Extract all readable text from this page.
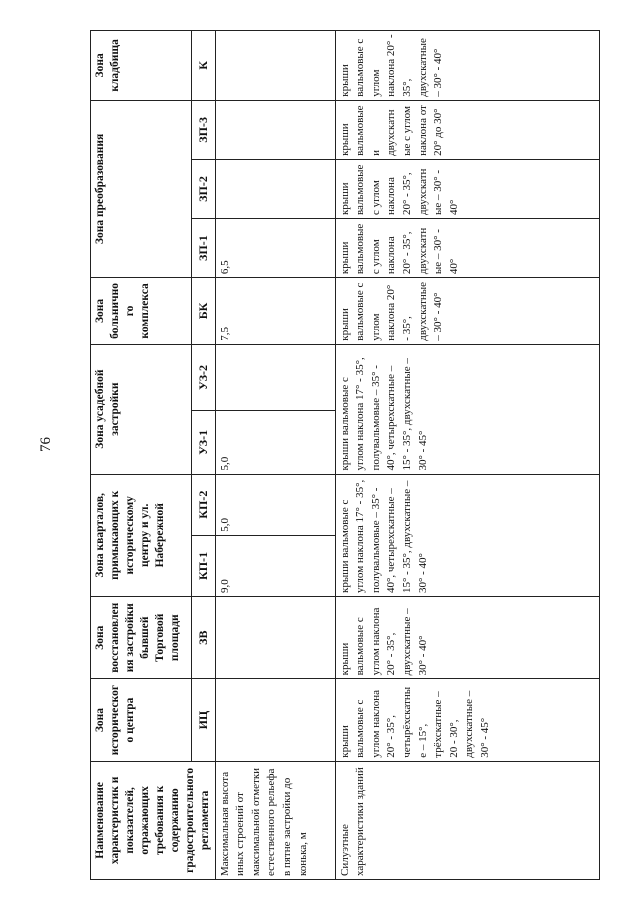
76
Наименование характеристик и показателей, отражающих требования к содержанию градостроительного регламента	Зона исторического центра	Зона восстановления застройки бывшей Торговой площади	Зона кварталов, примыкающих к историческому центру и ул. Набережной		Зона усадебной застройки		Зона больничного комплекса	Зона преобразования			Зона кладбища
	ИЦ	ЗВ	КП-1	КП-2	УЗ-1	УЗ-2	БК	ЗП-1	ЗП-2	ЗП-3	К
Максимальная высота иных строений от максимальной отметки естественного рельефа в пятне застройки до конька, м			9,0	5,0	5,0		7,5	6,5			
Силуэтные характеристики зданий	крыши вальмовые с углом наклона 20° - 35°, четырёхскатны е – 15°, трёхскатные – 20 - 30°, двухскатные – 30° - 45°	крыши вальмовые с углом наклона 20° - 35°, двухскатные – 30° - 40°	крыши вальмовые с углом наклона 17° - 35°, полувальмовые – 35° - 40°, четырехскатные – 15° - 35°, двухскатные – 30° - 40°		крыши вальмовые с углом наклона 17° - 35°, полувальмовые – 35° - 40°, четырехскатные – 15° - 35°, двухскатные – 30° - 45°		крыши вальмовые с углом наклона 20° - 35°, двухскатные – 30° - 40°	крыши вальмовые с углом наклона 20° - 35°, двухскатные – 30° - 40°	крыши вальмовые с углом наклона 20° - 35°, двухскатные – 30° - 40°	крыши вальмовые и двухскатные с углом наклона от 20° до 30°	крыши вальмовые с углом наклона 20° - 35°, двухскатные – 30° - 40°
